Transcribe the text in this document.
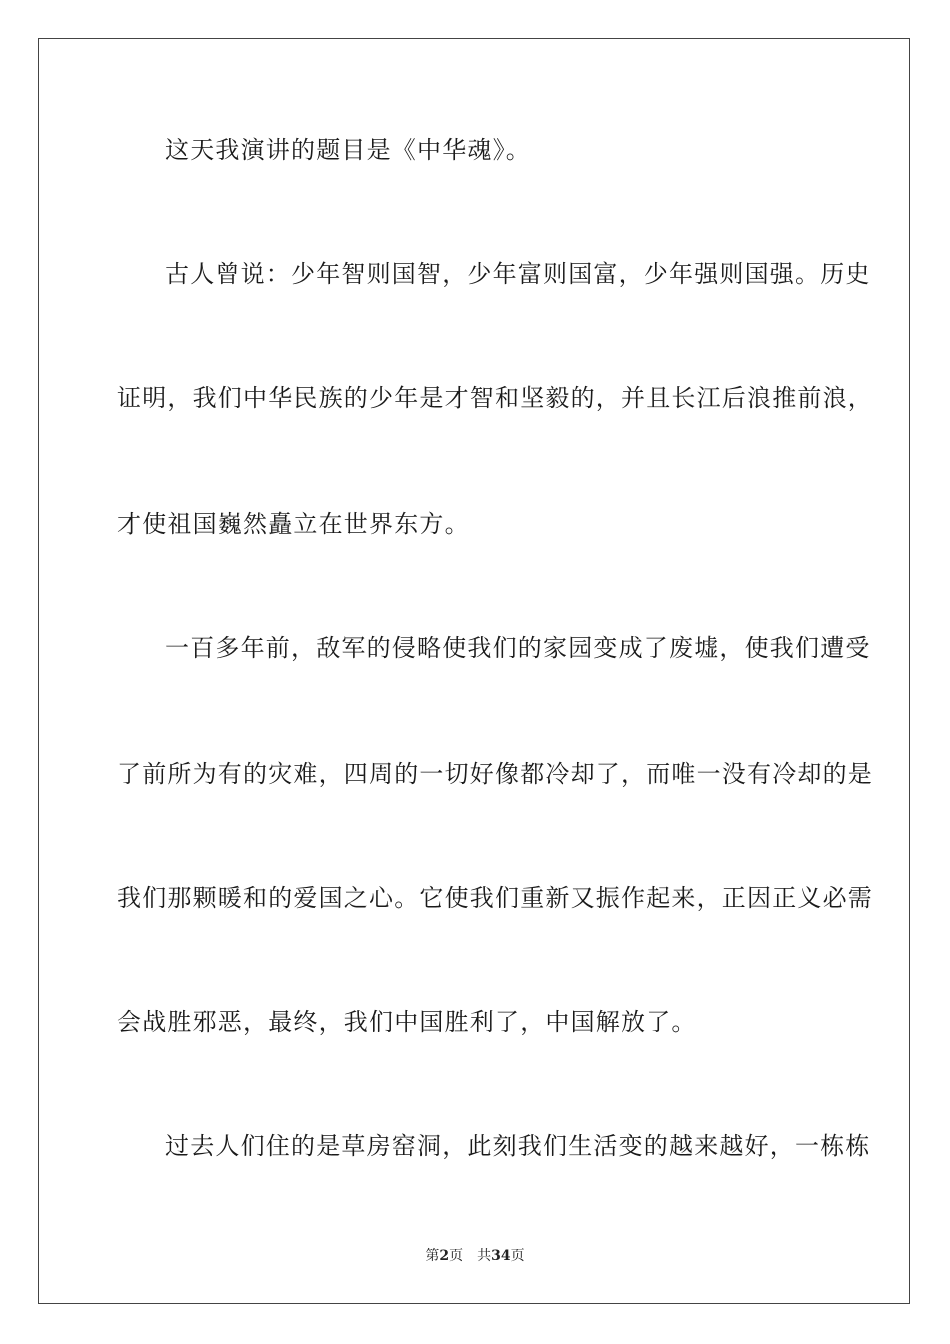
这天我演讲的题目是《中华魂》。
古人曾说：少年智则国智，少年富则国富，少年强则国强。历史
证明，我们中华民族的少年是才智和坚毅的，并且长江后浪推前浪，
才使祖国巍然矗立在世界东方。
一百多年前，敌军的侵略使我们的家园变成了废墟，使我们遭受
了前所为有的灾难，四周的一切好像都冷却了，而唯一没有冷却的是
我们那颗暖和的爱国之心。它使我们重新又振作起来，正因正义必需
会战胜邪恶，最终，我们中国胜利了，中国解放了。
过去人们住的是草房窑洞，此刻我们生活变的越来越好，一栋栋
第2页 共34页
